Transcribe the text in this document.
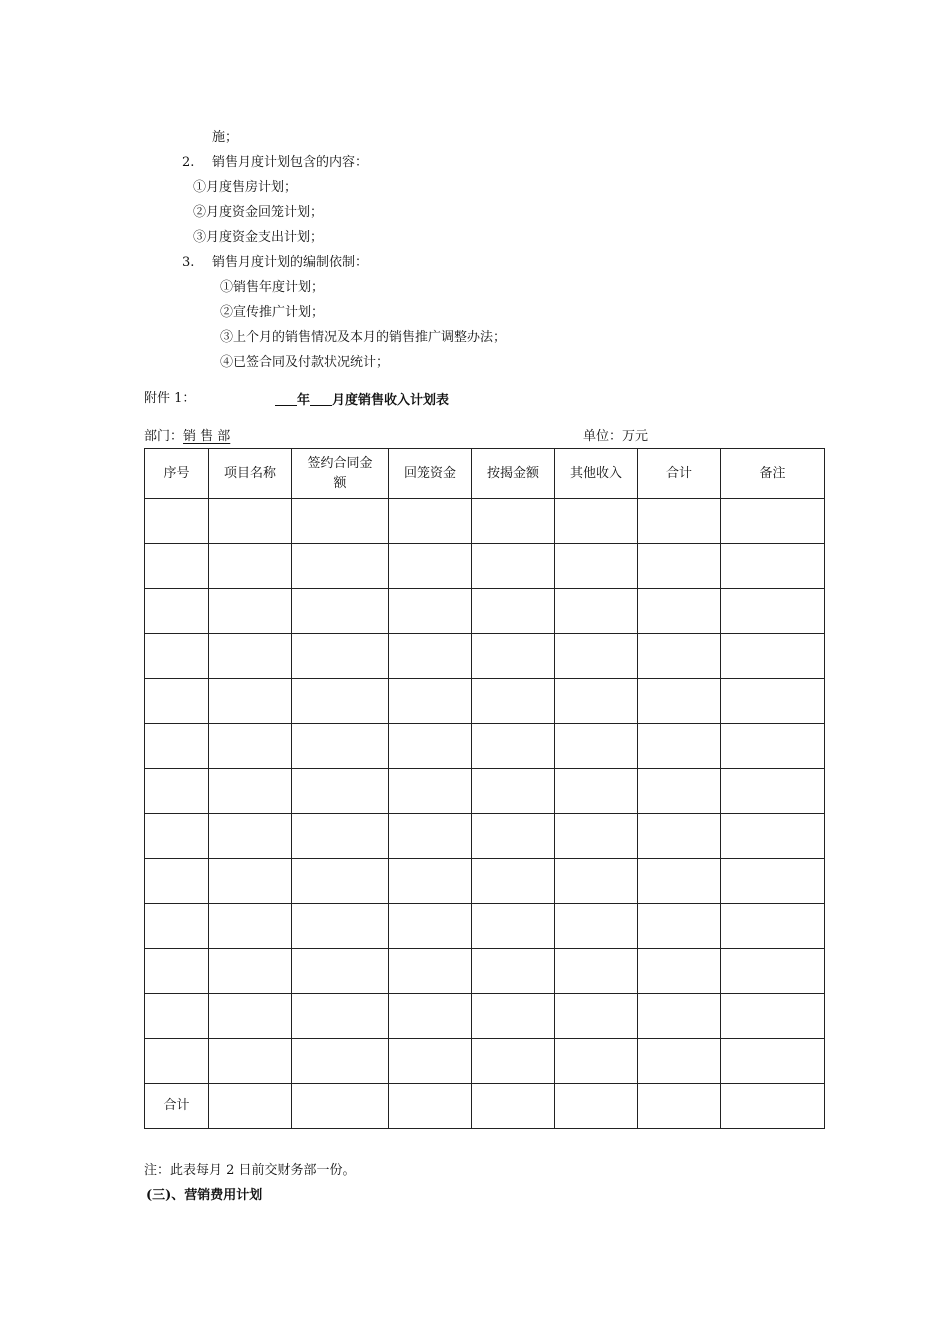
施；
2. 销售月度计划包含的内容：
①月度售房计划；
②月度资金回笼计划；
③月度资金支出计划；
3. 销售月度计划的编制依制：
①销售年度计划；
②宣传推广计划；
③上个月的销售情况及本月的销售推广调整办法；
④已签合同及付款状况统计；
附件 1：	年 月度销售收入计划表
部门：销 售 部	单位：万元
序号	项目名称	签约合同金额	回笼资金	按揭金额	其他收入	合计	备注

合计							
注：此表每月 2 日前交财务部一份。
(三)、营销费用计划
